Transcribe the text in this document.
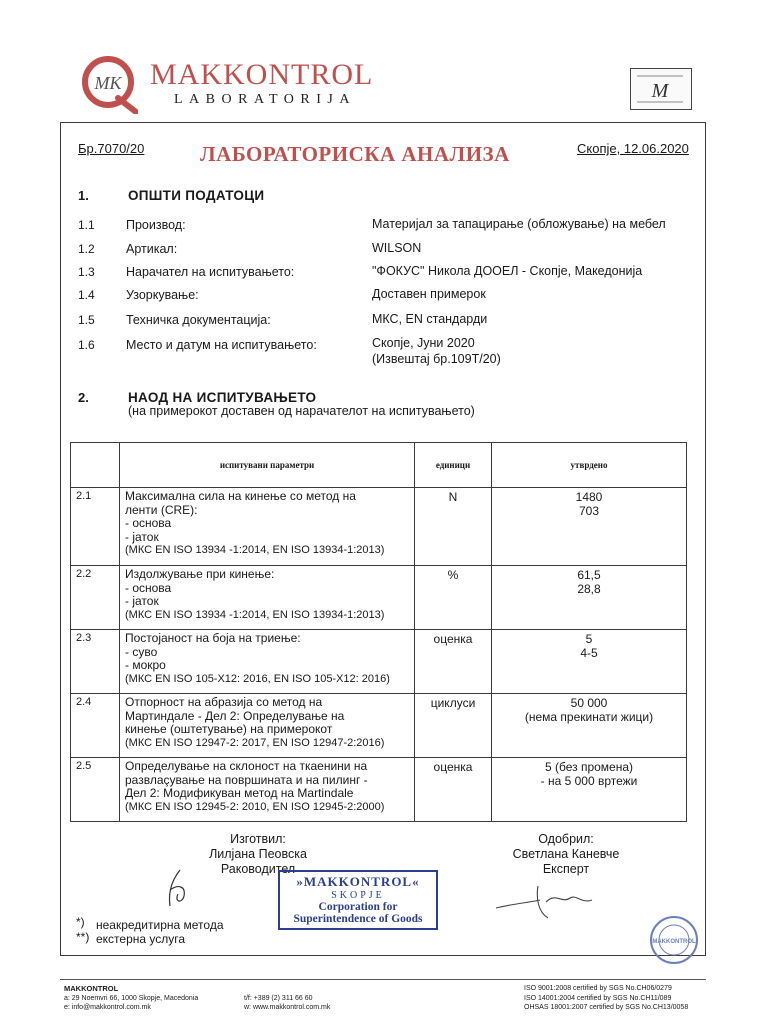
MK MAKKONTROL
LABORATORIJA	M
Бр.7070/20	ЛАБОРАТОРИСКА АНАЛИЗА	Скопје, 12.06.2020
1.	ОПШТИ ПОДАТОЦИ
1.1	Производ:	Материјал за тапацирање (обложување) на мебел
1.2	Артикал:	WILSON
1.3	Нарачател на испитувањето:	"ФОКУС" Никола ДООЕЛ - Скопје, Македонија
1.4	Узоркување:	Доставен примерок
1.5	Техничка документација:	МКС, EN стандарди
1.6	Место и датум на испитувањето:	Скопје, Јуни 2020
(Извештај бр.109Т/20)
2.	НАОД НА ИСПИТУВАЊЕТО
(на примерокот доставен од нарачателот на испитувањето)
	испитувани параметри	единици	утврдено
2.1	Максимална сила на кинење со метод на
ленти (CRE):
- основа
- јаток
(МКС EN ISO 13934 -1:2014, EN ISO 13934-1:2013)	N	1480
703

2.2	Издолжување при кинење:
- основа
- јаток
(МКС EN ISO 13934 -1:2014, EN ISO 13934-1:2013)	%	61,5
28,8

2.3	Постојаност на боја на триење:
- суво
- мокро
(МКС EN ISO 105-X12: 2016, EN ISO 105-X12: 2016)	оценка	5
4-5

2.4	Отпорност на абразија со метод на
Мартиндале - Дел 2: Определување на
кинење (оштетување) на примерокот
(МКС EN ISO 12947-2: 2017, EN ISO 12947-2:2016)	циклуси	50 000
(нема прекинати жици)

2.5	Определување на склоност на ткаенини на
развлаçување на површината и на пилинг -
Дел 2: Модификуван метод на Martindale
(МКС EN ISO 12945-2: 2010, EN ISO 12945-2:2000)	оценка	5 (без промена)
- на 5 000 вртежи
Изготвил:
Лилјана Пеовска
Раководител
Одобрил:
Светлана Каневче
Експерт
»MAKKONTROL«
SKOPJE
Corporation for
Superintendence of Goods
MAKKONTROL
*) неакредитирна метода
**) екстерна услуга
MAKKONTROL
a: 29 Noemvri 66, 1000 Skopje, Macedonia
e: info@makkontrol.com.mk
t/f: +389 (2) 311 66 60
w: www.makkontrol.com.mk
ISO 9001:2008 certified by SGS No.CH06/0279
ISO 14001:2004 certified by SGS No.CH11/089
OHSAS 18001:2007 certified by SGS No.CH13/0058
